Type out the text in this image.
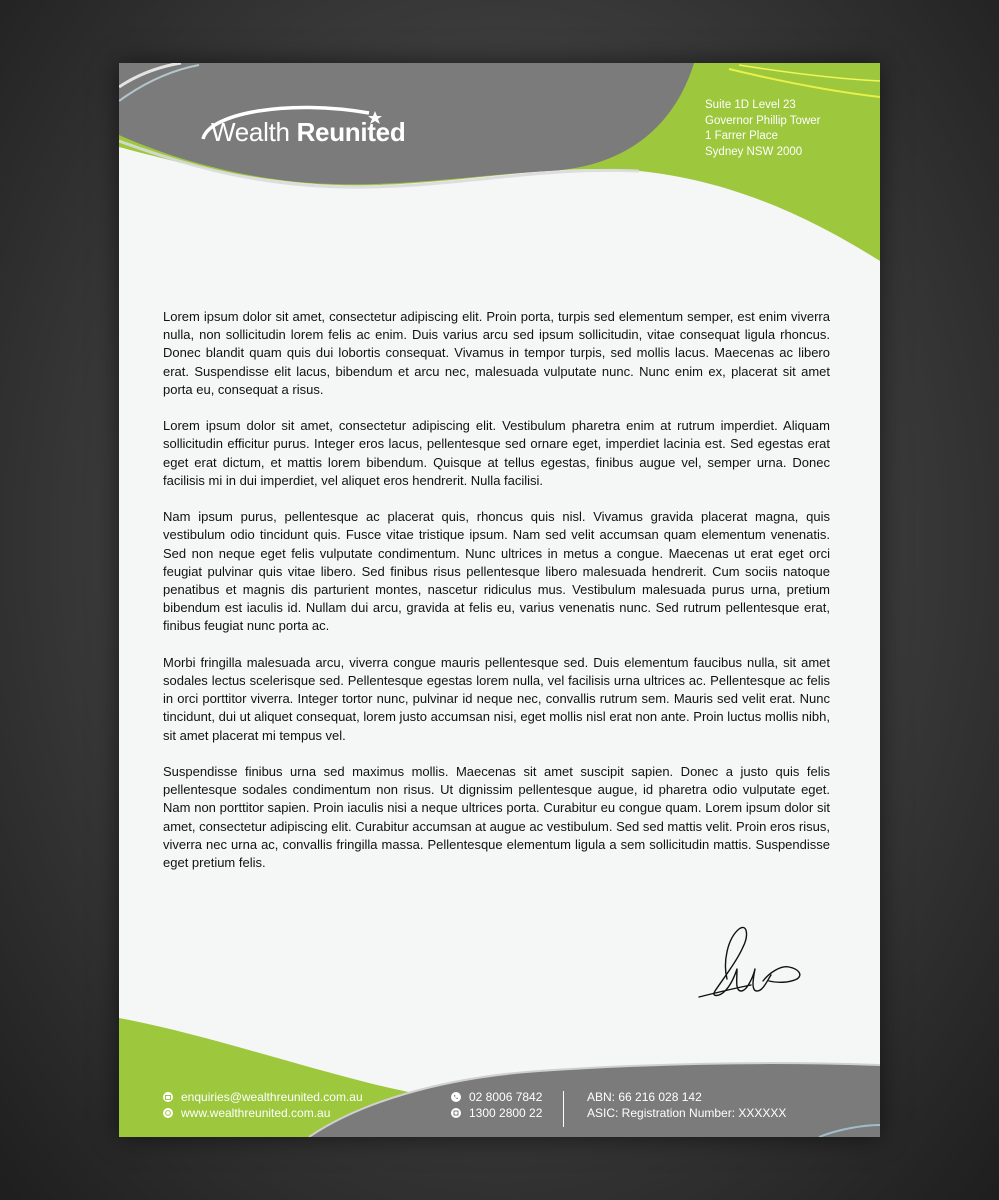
Wealth Reunited
Suite 1D Level 23
Governor Phillip Tower
1 Farrer Place
Sydney NSW 2000

Lorem ipsum dolor sit amet, consectetur adipiscing elit. Proin porta, turpis sed elementum semper, est enim viverra nulla, non sollicitudin lorem felis ac enim. Duis varius arcu sed ipsum sollicitudin, vitae consequat ligula rhoncus. Donec blandit quam quis dui lobortis consequat. Vivamus in tempor turpis, sed mollis lacus. Maecenas ac libero erat. Suspendisse elit lacus, bibendum et arcu nec, malesuada vulputate nunc. Nunc enim ex, placerat sit amet porta eu, consequat a risus.

Lorem ipsum dolor sit amet, consectetur adipiscing elit. Vestibulum pharetra enim at rutrum imperdiet. Aliquam sollicitudin efficitur purus. Integer eros lacus, pellentesque sed ornare eget, imperdiet lacinia est. Sed egestas erat eget erat dictum, et mattis lorem bibendum. Quisque at tellus egestas, finibus augue vel, semper urna. Donec facilisis mi in dui imperdiet, vel aliquet eros hendrerit. Nulla facilisi.

Nam ipsum purus, pellentesque ac placerat quis, rhoncus quis nisl. Vivamus gravida placerat magna, quis vestibulum odio tincidunt quis. Fusce vitae tristique ipsum. Nam sed velit accumsan quam elementum venenatis. Sed non neque eget felis vulputate condimentum. Nunc ultrices in metus a congue. Maecenas ut erat eget orci feugiat pulvinar quis vitae libero. Sed finibus risus pellentesque libero malesuada hendrerit. Cum sociis natoque penatibus et magnis dis parturient montes, nascetur ridiculus mus. Vestibulum malesuada purus urna, pretium bibendum est iaculis id. Nullam dui arcu, gravida at felis eu, varius venenatis nunc. Sed rutrum pellentesque erat, finibus feugiat nunc porta ac.

Morbi fringilla malesuada arcu, viverra congue mauris pellentesque sed. Duis elementum faucibus nulla, sit amet sodales lectus scelerisque sed. Pellentesque egestas lorem nulla, vel facilisis urna ultrices ac. Pellentesque ac felis in orci porttitor viverra. Integer tortor nunc, pulvinar id neque nec, convallis rutrum sem. Mauris sed velit erat. Nunc tincidunt, dui ut aliquet consequat, lorem justo accumsan nisi, eget mollis nisl erat non ante. Proin luctus mollis nibh, sit amet placerat mi tempus vel.

Suspendisse finibus urna sed maximus mollis. Maecenas sit amet suscipit sapien. Donec a justo quis felis pellentesque sodales condimentum non risus. Ut dignissim pellentesque augue, id pharetra odio vulputate eget. Nam non porttitor sapien. Proin iaculis nisi a neque ultrices porta. Curabitur eu congue quam. Lorem ipsum dolor sit amet, consectetur adipiscing elit. Curabitur accumsan at augue ac vestibulum. Sed sed mattis velit. Proin eros risus, viverra nec urna ac, convallis fringilla massa. Pellentesque elementum ligula a sem sollicitudin mattis. Suspendisse eget pretium felis.

enquiries@wealthreunited.com.au
www.wealthreunited.com.au
02 8006 7842
1300 2800 22
ABN: 66 216 028 142
ASIC: Registration Number: XXXXXX
